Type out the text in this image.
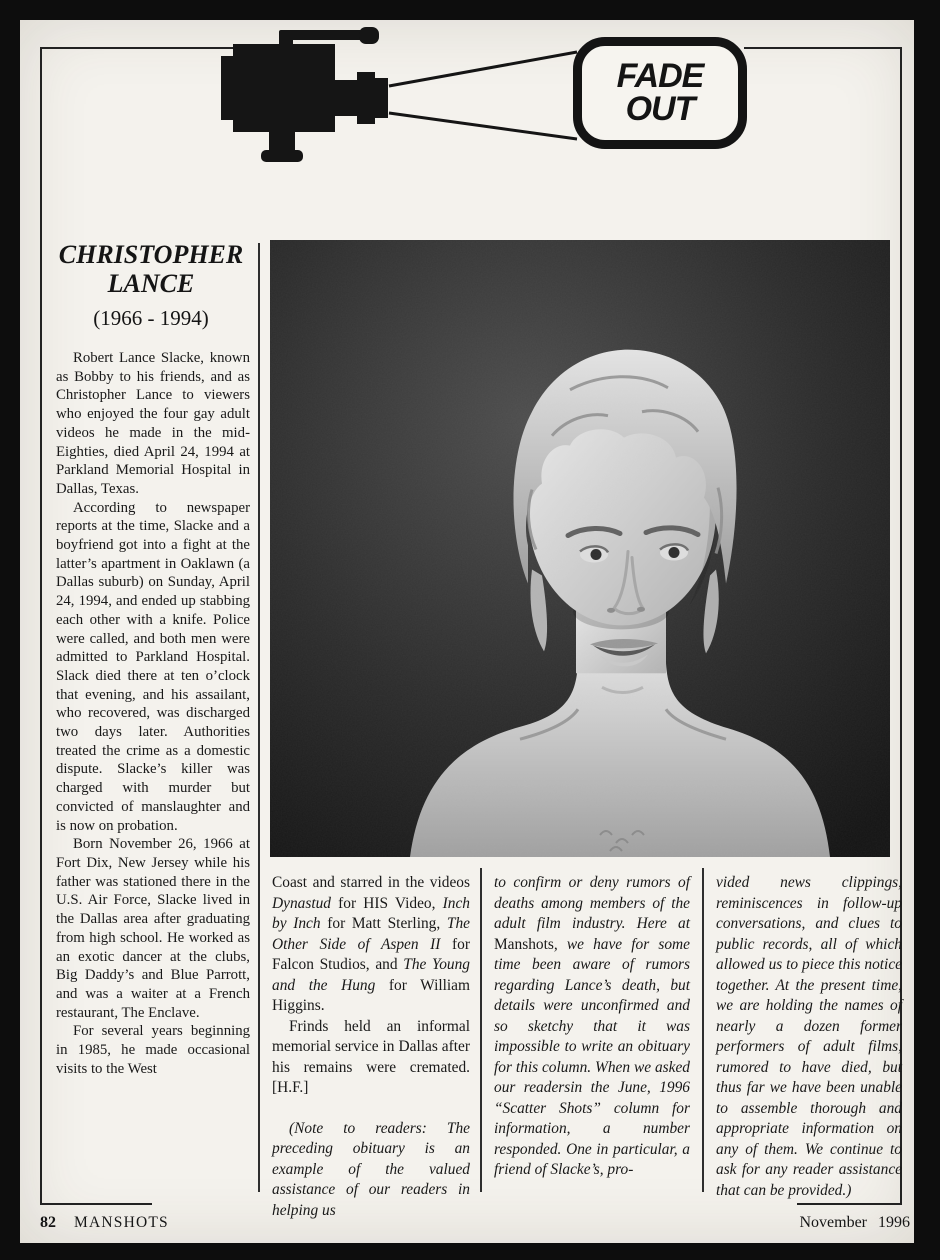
FADE
OUT
CHRISTOPHER
LANCE
(1966 - 1994)

Robert Lance Slacke, known as Bobby to his friends, and as Christopher Lance to viewers who enjoyed the four gay adult videos he made in the mid-Eighties, died April 24, 1994 at Parkland Memorial Hospital in Dallas, Texas.

According to newspaper reports at the time, Slacke and a boyfriend got into a fight at the latter’s apartment in Oaklawn (a Dallas suburb) on Sunday, April 24, 1994, and ended up stabbing each other with a knife. Police were called, and both men were admitted to Parkland Hospital. Slack died there at ten o’clock that evening, and his assailant, who recovered, was discharged two days later. Authorities treated the crime as a domestic dispute. Slacke’s killer was charged with murder but convicted of manslaughter and is now on probation.

Born November 26, 1966 at Fort Dix, New Jersey while his father was stationed there in the U.S. Air Force, Slacke lived in the Dallas area after graduating from high school. He worked as an exotic dancer at the clubs, Big Daddy’s and Blue Parrott, and was a waiter at a French restaurant, The Enclave.

For several years beginning in 1985, he made occasional visits to the West

Coast and starred in the videos Dynastud for HIS Video, Inch by Inch for Matt Sterling, The Other Side of Aspen II for Falcon Studios, and The Young and the Hung for William Higgins.

Frinds held an informal memorial service in Dallas after his remains were cremated. [H.F.]

(Note to readers: The preceding obituary is an example of the valued assistance of our readers in helping us

to confirm or deny rumors of deaths among members of the adult film industry. Here at Manshots, we have for some time been aware of rumors regarding Lance’s death, but details were unconfirmed and so sketchy that it was impossible to write an obituary for this column. When we asked our readersin the June, 1996 “Scatter Shots” column for information, a number responded. One in particular, a friend of Slacke’s, pro-

vided news clippings, reminiscences in follow-up conversations, and clues to public records, all of which allowed us to piece this notice together. At the present time, we are holding the names of nearly a dozen former performers of adult films, rumored to have died, but thus far we have been unable to assemble thorough and appropriate information on any of them. We continue to ask for any reader assistance that can be provided.)

82 MANSHOTS	November 1996
